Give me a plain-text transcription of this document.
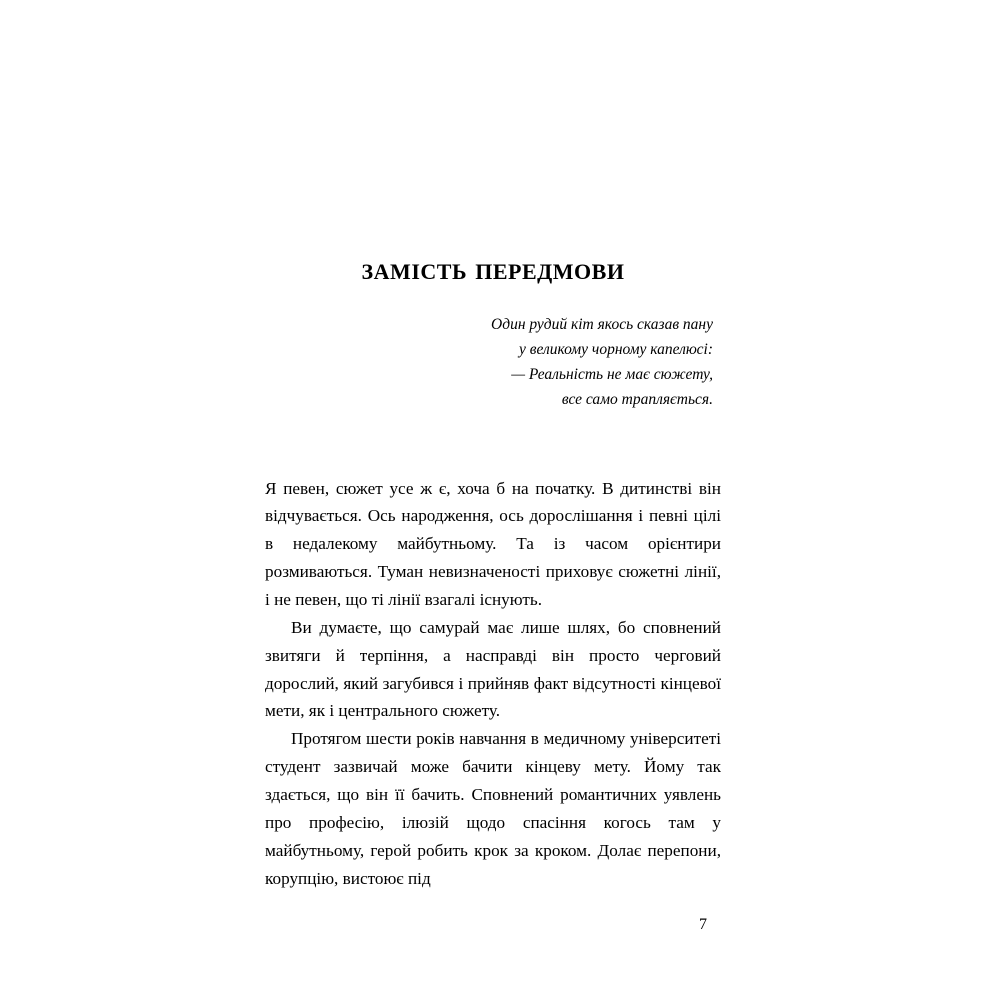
замість передмови
Один рудий кіт якось сказав пану
у великому чорному капелюсі:
— Реальність не має сюжету,
все само трапляється.

Я певен, сюжет усе ж є, хоча б на початку. В дитинстві він відчувається. Ось народження, ось дорослішання і певні цілі в недалекому майбутньому. Та із часом орієнтири розмиваються. Туман невизначеності приховує сюжетні лінії, і не певен, що ті лінії взагалі існують.

Ви думаєте, що самурай має лише шлях, бо сповнений звитяги й терпіння, а насправді він просто черговий дорослий, який загубився і прийняв факт відсутності кінцевої мети, як і центрального сюжету.

Протягом шести років навчання в медичному університеті студент зазвичай може бачити кінцеву мету. Йому так здається, що він її бачить. Сповнений романтичних уявлень про професію, ілюзій щодо спасіння когось там у майбутньому, герой робить крок за кроком. Долає перепони, корупцію, вистоює під

7
